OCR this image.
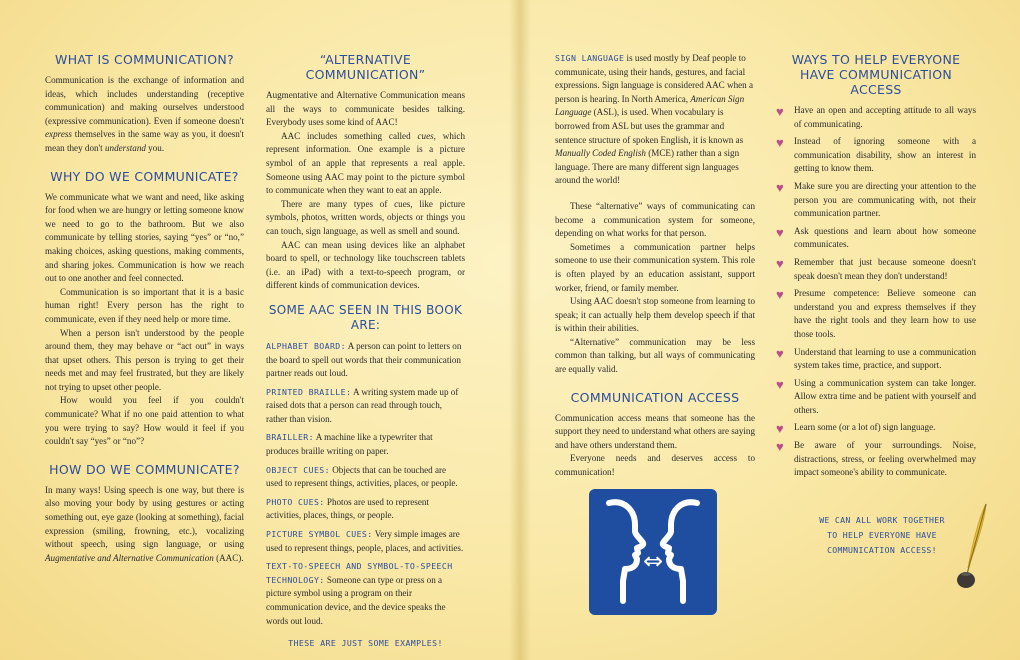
WHAT IS COMMUNICATION?

Communication is the exchange of information and ideas, which includes understanding (receptive communication) and making ourselves understood (expressive communication). Even if someone doesn't express themselves in the same way as you, it doesn't mean they don't understand you.

WHY DO WE COMMUNICATE?

We communicate what we want and need, like asking for food when we are hungry or letting someone know we need to go to the bathroom. But we also communicate by telling stories, saying “yes” or “no,” making choices, asking questions, making comments, and sharing jokes. Communication is how we reach out to one another and feel connected.

Communication is so important that it is a basic human right! Every person has the right to communicate, even if they need help or more time.

When a person isn't understood by the people around them, they may behave or “act out” in ways that upset others. This person is trying to get their needs met and may feel frustrated, but they are likely not trying to upset other people.

How would you feel if you couldn't communicate? What if no one paid attention to what you were trying to say? How would it feel if you couldn't say “yes” or “no”?

HOW DO WE COMMUNICATE?

In many ways! Using speech is one way, but there is also moving your body by using gestures or acting something out, eye gaze (looking at something), facial expression (smiling, frowning, etc.), vocalizing without speech, using sign language, or using Augmentative and Alternative Communication (AAC).

“ALTERNATIVE COMMUNICATION”

Augmentative and Alternative Communication means all the ways to communicate besides talking. Everybody uses some kind of AAC!

AAC includes something called cues, which represent information. One example is a picture symbol of an apple that represents a real apple. Someone using AAC may point to the picture symbol to communicate when they want to eat an apple.

There are many types of cues, like picture symbols, photos, written words, objects or things you can touch, sign language, as well as smell and sound.

AAC can mean using devices like an alphabet board to spell, or technology like touchscreen tablets (i.e. an iPad) with a text-to-speech program, or different kinds of communication devices.

SOME AAC SEEN IN THIS BOOK ARE:

ALPHABET BOARD: A person can point to letters on the board to spell out words that their communication partner reads out loud.

PRINTED BRAILLE: A writing system made up of raised dots that a person can read through touch, rather than vision.

BRAILLER: A machine like a typewriter that produces braille writing on paper.

OBJECT CUES: Objects that can be touched are used to represent things, activities, places, or people.

PHOTO CUES: Photos are used to represent activities, places, things, or people.

PICTURE SYMBOL CUES: Very simple images are used to represent things, people, places, and activities.

TEXT-TO-SPEECH AND SYMBOL-TO-SPEECH TECHNOLOGY: Someone can type or press on a picture symbol using a program on their communication device, and the device speaks the words out loud.

THESE ARE JUST SOME EXAMPLES!

SIGN LANGUAGE is used mostly by Deaf people to communicate, using their hands, gestures, and facial expressions. Sign language is considered AAC when a person is hearing. In North America, American Sign Language (ASL), is used. When vocabulary is borrowed from ASL but uses the grammar and sentence structure of spoken English, it is known as Manually Coded English (MCE) rather than a sign language. There are many different sign languages around the world!

These “alternative” ways of communicating can become a communication system for someone, depending on what works for that person.

Sometimes a communication partner helps someone to use their communication system. This role is often played by an education assistant, support worker, friend, or family member.

Using AAC doesn't stop someone from learning to speak; it can actually help them develop speech if that is within their abilities.

“Alternative” communication may be less common than talking, but all ways of communicating are equally valid.

COMMUNICATION ACCESS

Communication access means that someone has the support they need to understand what others are saying and have others understand them.

Everyone needs and deserves access to communication!

⇔
WAYS TO HELP EVERYONE HAVE COMMUNICATION ACCESS
♥ Have an open and accepting attitude to all ways of communicating.

♥ Instead of ignoring someone with a communication disability, show an interest in getting to know them.

♥ Make sure you are directing your attention to the person you are communicating with, not their communication partner.

♥ Ask questions and learn about how someone communicates.

♥ Remember that just because someone doesn't speak doesn't mean they don't understand!

♥ Presume competence: Believe someone can understand you and express themselves if they have the right tools and they learn how to use those tools.

♥ Understand that learning to use a communication system takes time, practice, and support.

♥ Using a communication system can take longer. Allow extra time and be patient with yourself and others.

♥ Learn some (or a lot of) sign language.

♥ Be aware of your surroundings. Noise, distractions, stress, or feeling overwhelmed may impact someone's ability to communicate.

WE CAN ALL WORK TOGETHER TO HELP EVERYONE HAVE COMMUNICATION ACCESS!
